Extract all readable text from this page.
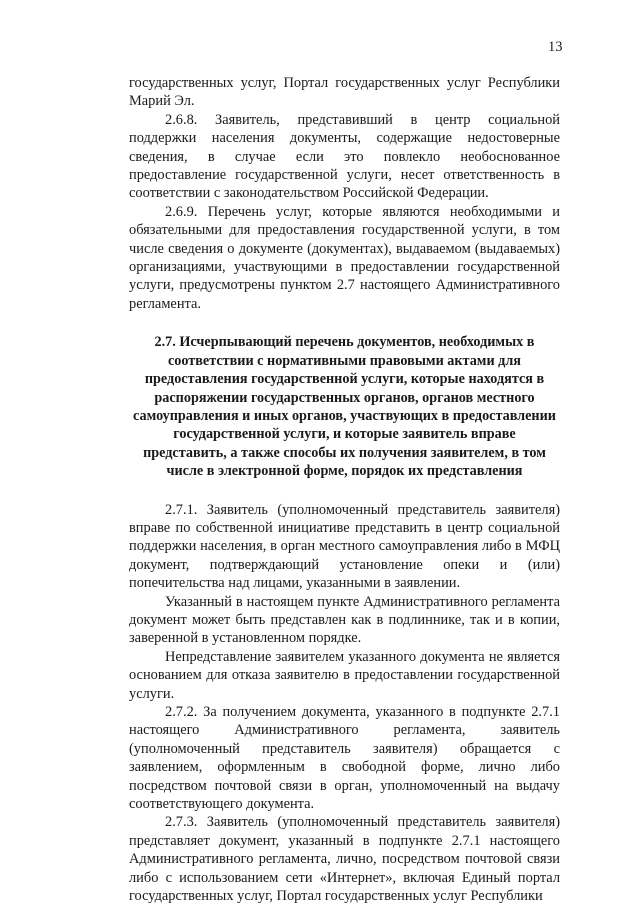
13

государственных услуг, Портал государственных услуг Республики Марий Эл.

2.6.8. Заявитель, представивший в центр социальной поддержки населения документы, содержащие недостоверные сведения, в случае если это повлекло необоснованное предоставление государственной услуги, несет ответственность в соответствии с законодательством Российской Федерации.

2.6.9. Перечень услуг, которые являются необходимыми и обязательными для предоставления государственной услуги, в том числе сведения о документе (документах), выдаваемом (выдаваемых) организациями, участвующими в предоставлении государственной услуги, предусмотрены пунктом 2.7 настоящего Административного регламента.

2.7. Исчерпывающий перечень документов, необходимых в соответствии с нормативными правовыми актами для предоставления государственной услуги, которые находятся в распоряжении государственных органов, органов местного самоуправления и иных органов, участвующих в предоставлении государственной услуги, и которые заявитель вправе представить, а также способы их получения заявителем, в том числе в электронной форме, порядок их представления

2.7.1. Заявитель (уполномоченный представитель заявителя) вправе по собственной инициативе представить в центр социальной поддержки населения, в орган местного самоуправления либо в МФЦ документ, подтверждающий установление опеки и (или) попечительства над лицами, указанными в заявлении.

Указанный в настоящем пункте Административного регламента документ может быть представлен как в подлиннике, так и в копии, заверенной в установленном порядке.

Непредставление заявителем указанного документа не является основанием для отказа заявителю в предоставлении государственной услуги.

2.7.2. За получением документа, указанного в подпункте 2.7.1 настоящего Административного регламента, заявитель (уполномоченный представитель заявителя) обращается с заявлением, оформленным в свободной форме, лично либо посредством почтовой связи в орган, уполномоченный на выдачу соответствующего документа.

2.7.3. Заявитель (уполномоченный представитель заявителя) представляет документ, указанный в подпункте 2.7.1 настоящего Административного регламента, лично, посредством почтовой связи либо с использованием сети «Интернет», включая Единый портал государственных услуг, Портал государственных услуг Республики
